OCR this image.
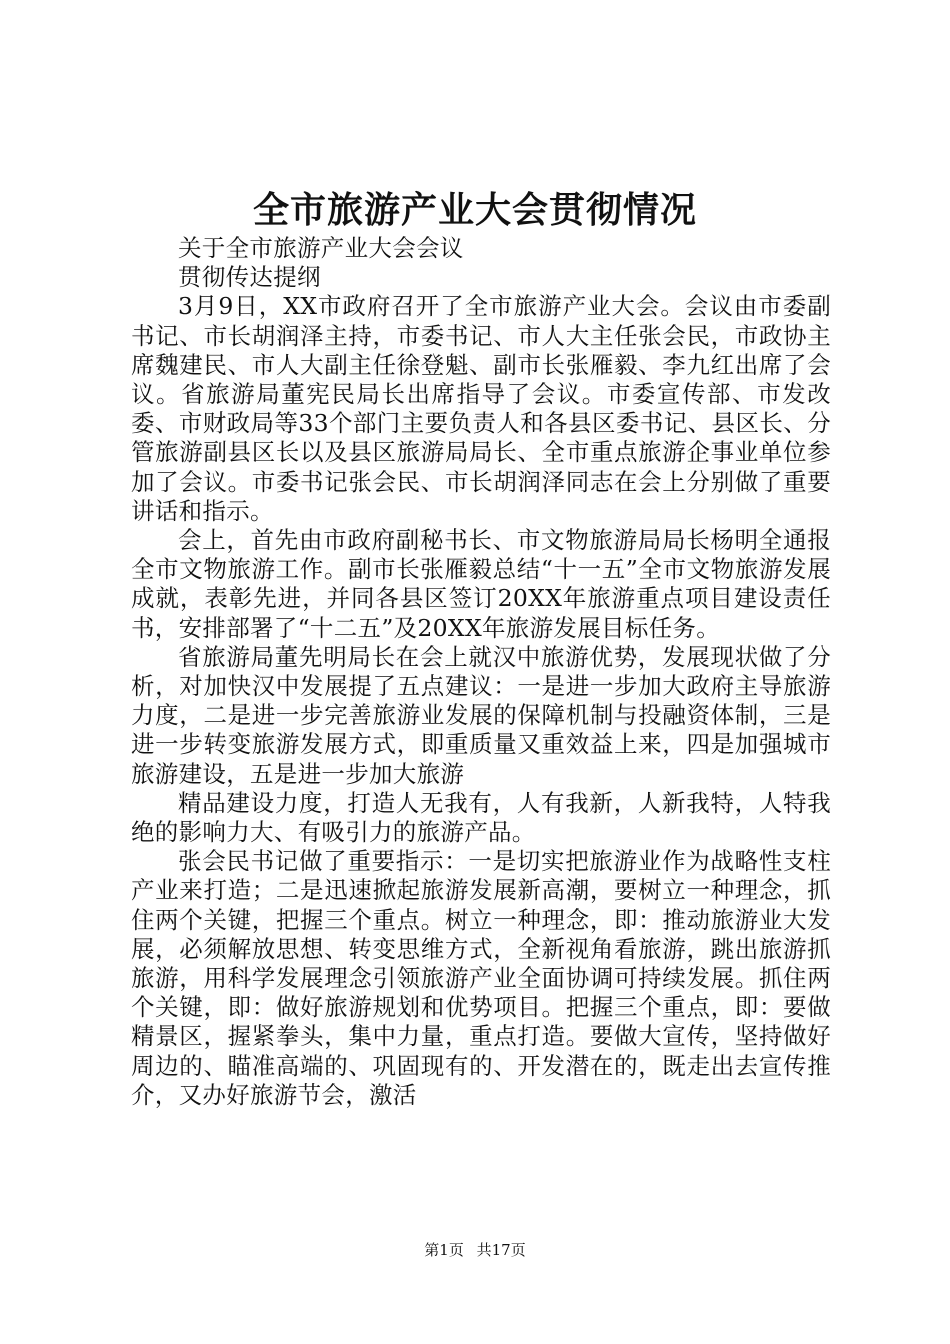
全市旅游产业大会贯彻情况

关于全市旅游产业大会会议

贯彻传达提纲

3月9日，XX市政府召开了全市旅游产业大会。会议由市委副书记、市长胡润泽主持，市委书记、市人大主任张会民，市政协主席魏建民、市人大副主任徐登魁、副市长张雁毅、李九红出席了会议。省旅游局董宪民局长出席指导了会议。市委宣传部、市发改委、市财政局等33个部门主要负责人和各县区委书记、县区长、分管旅游副县区长以及县区旅游局局长、全市重点旅游企事业单位参加了会议。市委书记张会民、市长胡润泽同志在会上分别做了重要讲话和指示。

会上，首先由市政府副秘书长、市文物旅游局局长杨明全通报全市文物旅游工作。副市长张雁毅总结“十一五”全市文物旅游发展成就，表彰先进，并同各县区签订20XX年旅游重点项目建设责任书，安排部署了“十二五”及20XX年旅游发展目标任务。

省旅游局董先明局长在会上就汉中旅游优势，发展现状做了分析，对加快汉中发展提了五点建议：一是进一步加大政府主导旅游力度，二是进一步完善旅游业发展的保障机制与投融资体制，三是进一步转变旅游发展方式，即重质量又重效益上来，四是加强城市旅游建设，五是进一步加大旅游

精品建设力度，打造人无我有，人有我新，人新我特，人特我绝的影响力大、有吸引力的旅游产品。

张会民书记做了重要指示：一是切实把旅游业作为战略性支柱产业来打造；二是迅速掀起旅游发展新高潮，要树立一种理念，抓住两个关键，把握三个重点。树立一种理念，即：推动旅游业大发展，必须解放思想、转变思维方式，全新视角看旅游，跳出旅游抓旅游，用科学发展理念引领旅游产业全面协调可持续发展。抓住两个关键，即：做好旅游规划和优势项目。把握三个重点，即：要做精景区，握紧拳头，集中力量，重点打造。要做大宣传，坚持做好周边的、瞄准高端的、巩固现有的、开发潜在的，既走出去宣传推介，又办好旅游节会，激活

第1页 共17页
